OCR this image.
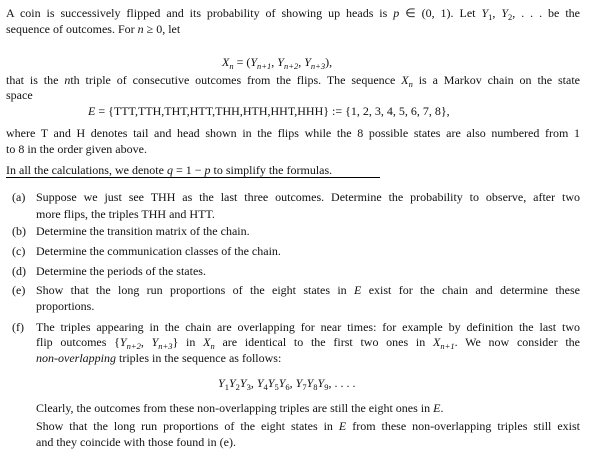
A coin is successively flipped and its probability of showing up heads is p ∈ (0, 1). Let $Y_1$, $Y_2$, . . . be the
sequence of outcomes. For n ≥ 0, let
$X_n = (Y_{n+1}$, $Y_{n+2}$, $Y_{n+3}$),
that is the nth triple of consecutive outcomes from the flips. The sequence $X_n$ is a Markov chain on the state
space
E = {TTT,TTH,THT,HTT,THH,HTH,HHT,HHH} := {1, 2, 3, 4, 5, 6, 7, 8},
where T and H denotes tail and head shown in the flips while the 8 possible states are also numbered from 1
to 8 in the order given above.
In all the calculations, we denote q = 1 − p to simplify the formulas.
(a) Suppose we just see THH as the last three outcomes. Determine the probability to observe, after two
more flips, the triples THH and HTT.
(b) Determine the transition matrix of the chain.
(c) Determine the communication classes of the chain.
(d) Determine the periods of the states.
(e) Show that the long run proportions of the eight states in E exist for the chain and determine these
proportions.
(f) The triples appearing in the chain are overlapping for near times: for example by definition the last two
flip outcomes {$Y_{n+2}$, $Y_{n+3}$} in $X_n$ are identical to the first two ones in $X_{n+1}$. We now consider the
non-overlapping triples in the sequence as follows:
$Y_1Y_2Y_3$, $Y_4Y_5Y_6$, $Y_7Y_8Y_9$, . . . .
Clearly, the outcomes from these non-overlapping triples are still the eight ones in E.
Show that the long run proportions of the eight states in E from these non-overlapping triples still exist
and they coincide with those found in (e).
